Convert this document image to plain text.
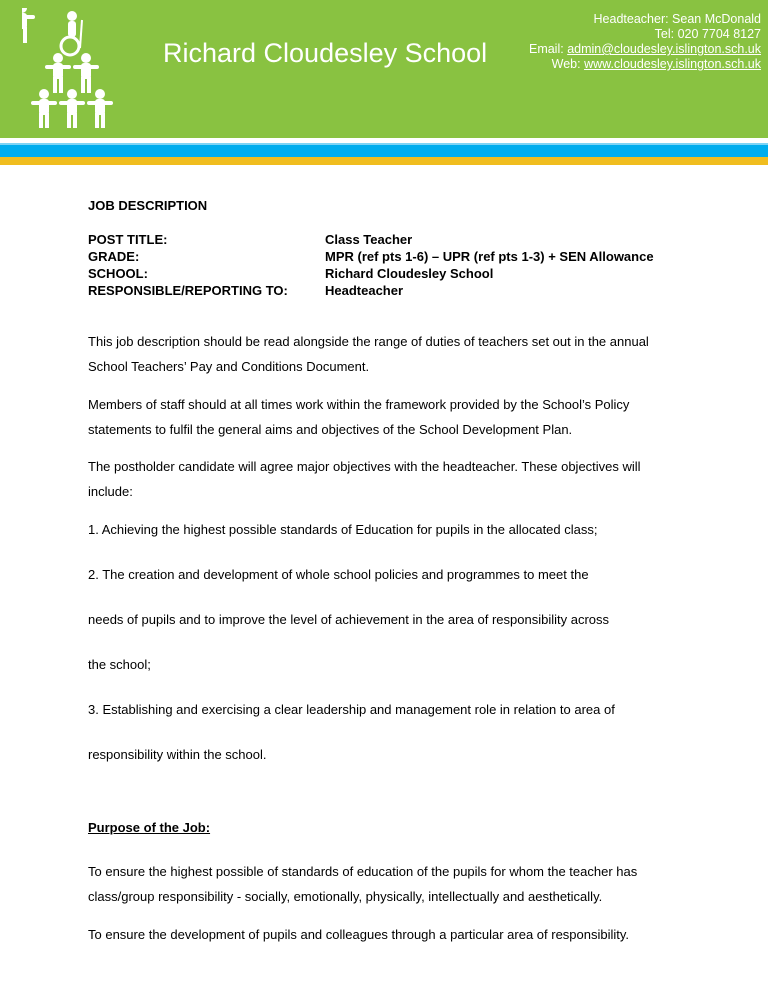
Richard Cloudesley School
Headteacher: Sean McDonald
Tel: 020 7704 8127
Email: admin@cloudesley.islington.sch.uk
Web: www.cloudesley.islington.sch.uk
JOB DESCRIPTION
POST TITLE:	Class Teacher
GRADE:	MPR (ref pts 1-6) – UPR (ref pts 1-3) + SEN Allowance
SCHOOL:	Richard Cloudesley School
RESPONSIBLE/REPORTING TO:	Headteacher
This job description should be read alongside the range of duties of teachers set out in the annual
School Teachers’ Pay and Conditions Document.
Members of staff should at all times work within the framework provided by the School’s Policy
statements to fulfil the general aims and objectives of the School Development Plan.
The postholder candidate will agree major objectives with the headteacher. These objectives will
include:
1. Achieving the highest possible standards of Education for pupils in the allocated class;
2. The creation and development of whole school policies and programmes to meet the
needs of pupils and to improve the level of achievement in the area of responsibility across
the school;
3. Establishing and exercising a clear leadership and management role in relation to area of
responsibility within the school.
Purpose of the Job:
To ensure the highest possible of standards of education of the pupils for whom the teacher has
class/group responsibility - socially, emotionally, physically, intellectually and aesthetically.
To ensure the development of pupils and colleagues through a particular area of responsibility.
